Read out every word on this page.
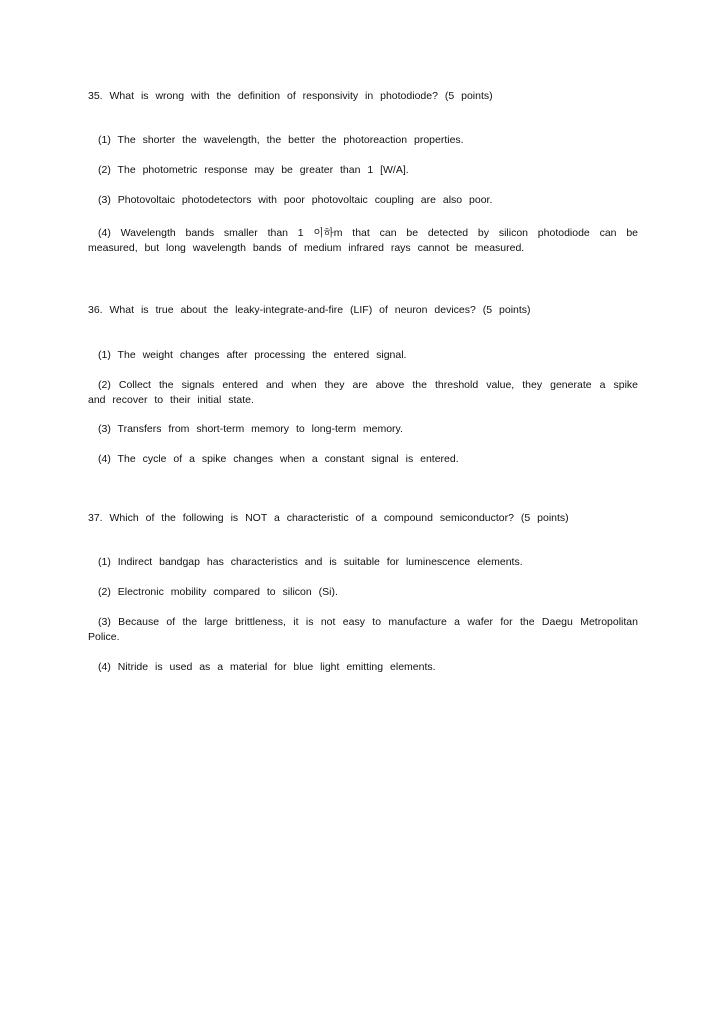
35. What is wrong with the definition of responsivity in photodiode? (5 points)

(1) The shorter the wavelength, the better the photoreaction properties.

(2) The photometric response may be greater than 1 [W/A].

(3) Photovoltaic photodetectors with poor photovoltaic coupling are also poor.

(4) Wavelength bands smaller than 1 이하m that can be detected by silicon photodiode can be measured, but long wavelength bands of medium infrared rays cannot be measured.

36. What is true about the leaky-integrate-and-fire (LIF) of neuron devices? (5 points)

(1) The weight changes after processing the entered signal.

(2) Collect the signals entered and when they are above the threshold value, they generate a spike and recover to their initial state.

(3) Transfers from short-term memory to long-term memory.

(4) The cycle of a spike changes when a constant signal is entered.

37. Which of the following is NOT a characteristic of a compound semiconductor? (5 points)

(1) Indirect bandgap has characteristics and is suitable for luminescence elements.

(2) Electronic mobility compared to silicon (Si).

(3) Because of the large brittleness, it is not easy to manufacture a wafer for the Daegu Metropolitan Police.

(4) Nitride is used as a material for blue light emitting elements.
